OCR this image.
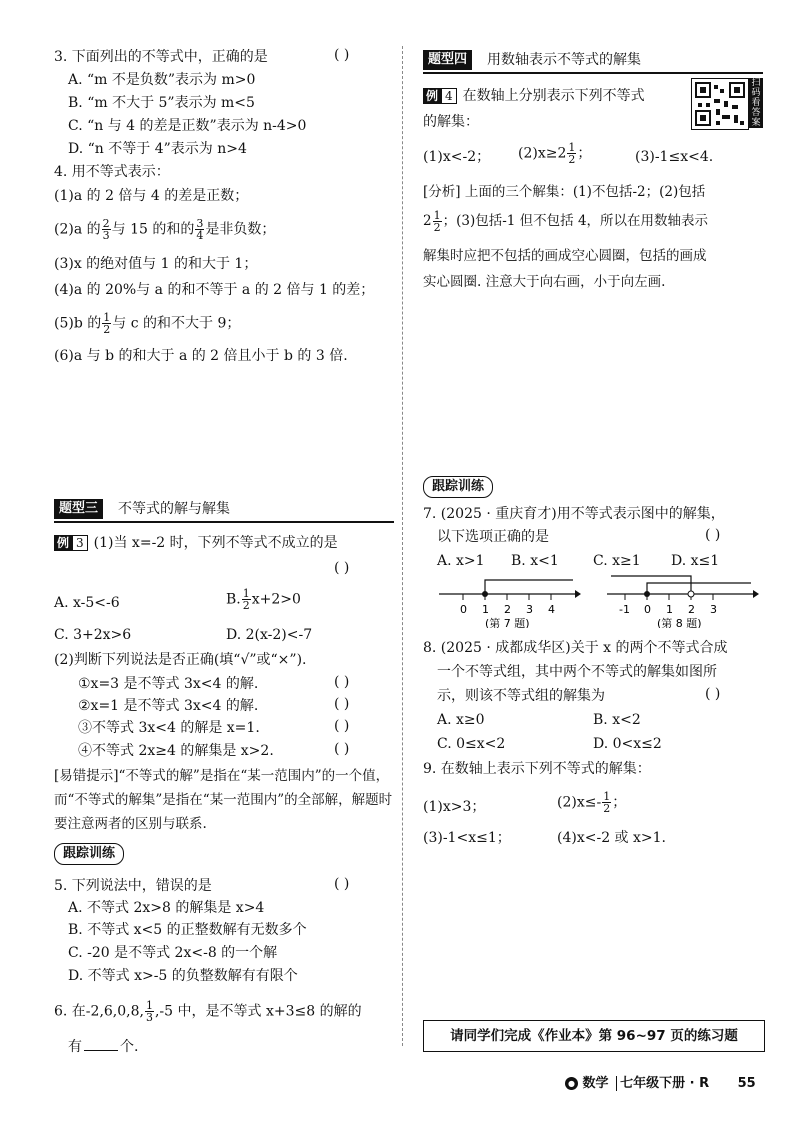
3. 下面列出的不等式中，正确的是	( )
A. “m 不是负数”表示为 m>0
B. “m 不大于 5”表示为 m<5
C. “n 与 4 的差是正数”表示为 n-4>0
D. “n 不等于 4”表示为 n>4
4. 用不等式表示：
(1)a 的 2 倍与 4 的差是正数；
(2)a 的 $\frac{2}{3}$ 与 15 的和的 $\frac{3}{4}$ 是非负数；
(3)x 的绝对值与 1 的和大于 1；
(4)a 的 20%与 a 的和不等于 a 的 2 倍与 1 的差；
(5)b 的 $\frac{1}{2}$ 与 c 的和不大于 9；
(6)a 与 b 的和大于 a 的 2 倍且小于 b 的 3 倍.
题型三	不等式的解与解集
例 3 (1)当 x=-2 时，下列不等式不成立的是
( )
A. x-5<-6	B. $\frac{1}{2} x+2>0$
C. 3+2x>6	D. 2(x-2)<-7
(2)判断下列说法是否正确(填“√”或“×”).
①x=3 是不等式 3x<4 的解.	( )
②x=1 是不等式 3x<4 的解.	( )
③不等式 3x<4 的解是 x=1.	( )
④不等式 2x≥4 的解集是 x>2.	( )
[易错提示]“不等式的解”是指在“某一范围内”的一个值，而“不等式的解集”是指在“某一范围内”的全部解，解题时要注意两者的区别与联系.
跟踪训练
5. 下列说法中，错误的是	( )
A. 不等式 2x>8 的解集是 x>4
B. 不等式 x<5 的正整数解有无数多个
C. -20 是不等式 2x<-8 的一个解
D. 不等式 x>-5 的负整数解有有限个
6. 在-2,6,0,8, $\frac{1}{3} ,-5$ 中，是不等式 x+3≤8 的解的
有	个.
题型四	用数轴表示不等式的解集
扫码看答案
例 4 在数轴上分别表示下列不等式
的解集：
(1)x<-2； $(2)x\ge 2 \frac{1}{2}$ ；	(3)-1≤x<4.
[分析] 上面的三个解集：(1)不包括-2；(2)包括
$2 \frac{1}{2}$ ；(3)包括-1 但不包括 4，所以在用数轴表示
解集时应把不包括的画成空心圆圈，包括的画成
实心圆圈. 注意大于向右画，小于向左画.
跟踪训练
7. (2025 · 重庆育才)用不等式表示图中的解集，
以下选项正确的是	( )
A. x>1 B. x<1 C. x≥1 D. x≤1
0 1 2 3 4
(第 7 题)
-1 0 1 2 3
(第 8 题)
8. (2025 · 成都成华区)关于 x 的两个不等式合成
一个不等式组，其中两个不等式的解集如图所
示，则该不等式组的解集为	( )
A. x≥0	B. x<2
C. 0≤x<2	D. 0<x≤2
9. 在数轴上表示下列不等式的解集：
(1)x>3；	$(2)x\le- \frac{1}{2}$ ；
(3)-1<x≤1；	(4)x<-2 或 x>1.
请同学们完成《作业本》第 96~97 页的练习题
● 数学 七年级下册 · R 55
